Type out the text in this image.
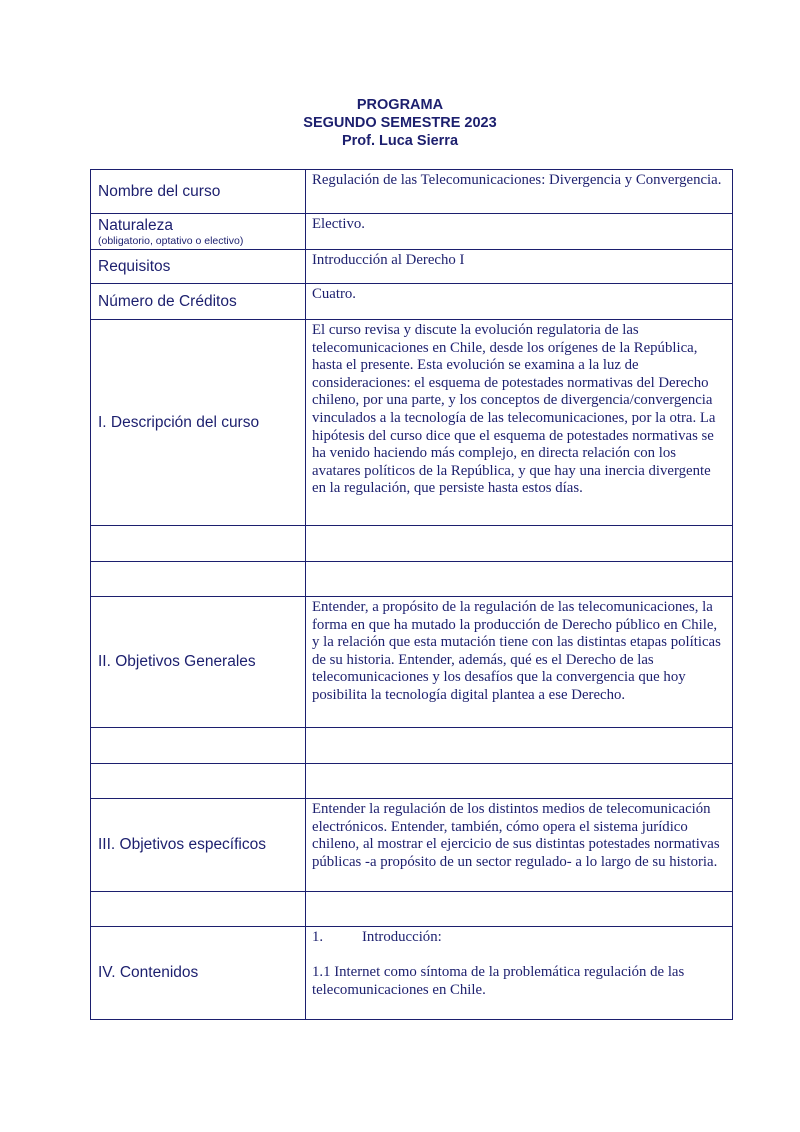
PROGRAMA
SEGUNDO SEMESTRE 2023
Prof. Luca Sierra
Nombre del curso	Regulación de las Telecomunicaciones: Divergencia y Convergencia.
Naturaleza
(obligatorio, optativo o electivo)	Electivo.
Requisitos	Introducción al Derecho I
Número de Créditos	Cuatro.
I. Descripción del curso	El curso revisa y discute la evolución regulatoria de las telecomunicaciones en Chile, desde los orígenes de la República, hasta el presente. Esta evolución se examina a la luz de consideraciones: el esquema de potestades normativas del Derecho chileno, por una parte, y los conceptos de divergencia/convergencia vinculados a la tecnología de las telecomunicaciones, por la otra. La hipótesis del curso dice que el esquema de potestades normativas se ha venido haciendo más complejo, en directa relación con los avatares políticos de la República, y que hay una inercia divergente en la regulación, que persiste hasta estos días.

II. Objetivos Generales	Entender, a propósito de la regulación de las telecomunicaciones, la forma en que ha mutado la producción de Derecho público en Chile, y la relación que esta mutación tiene con las distintas etapas políticas de su historia. Entender, además, qué es el Derecho de las telecomunicaciones y los desafíos que la convergencia que hoy posibilita la tecnología digital plantea a ese Derecho.

III. Objetivos específicos	Entender la regulación de los distintos medios de telecomunicación electrónicos. Entender, también, cómo opera el sistema jurídico chileno, al mostrar el ejercicio de sus distintas potestades normativas públicas -a propósito de un sector regulado- a lo largo de su historia.

IV. Contenidos	1. Introducción:
1.1 Internet como síntoma de la problemática regulación de las telecomunicaciones en Chile.
